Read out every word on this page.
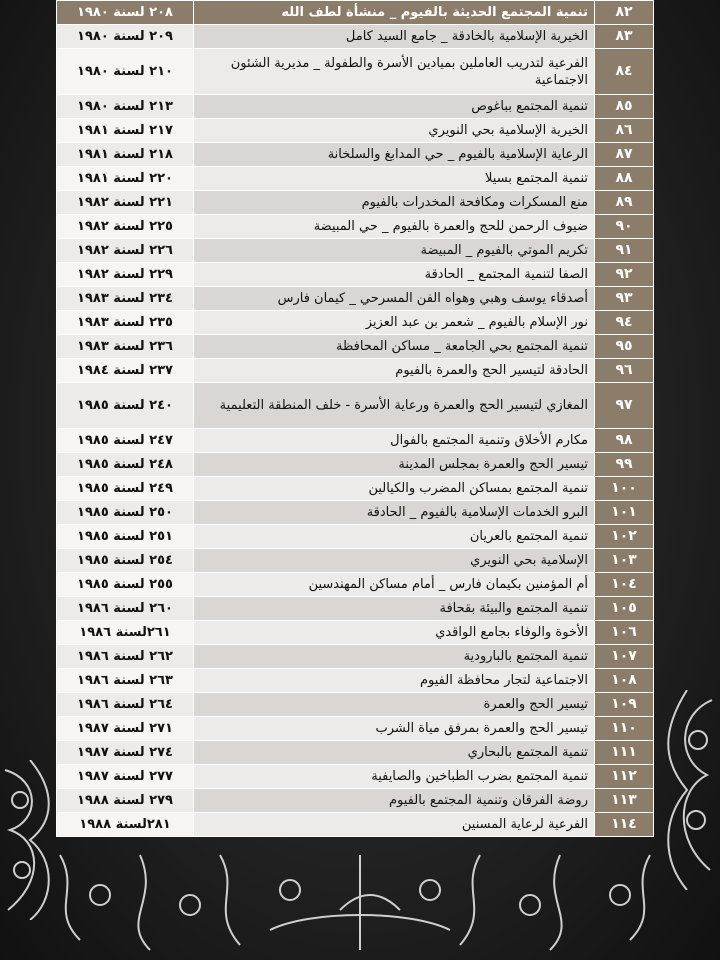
٨٢	تنمية المجتمع الحديثة بالفيوم _ منشأة لطف الله	٢٠٨ لسنة ١٩٨٠
٨٣	الخيرية الإسلامية بالخادقة _ جامع السيد كامل	٢٠٩ لسنة ١٩٨٠
٨٤	الفرعية لتدريب العاملين بميادين الأسرة والطفولة _ مديرية الشئون الاجتماعية	٢١٠ لسنة ١٩٨٠
٨٥	تنمية المجتمع بباغوص	٢١٣ لسنة ١٩٨٠
٨٦	الخيرية الإسلامية بحي النويري	٢١٧ لسنة ١٩٨١
٨٧	الرعاية الإسلامية بالفيوم _ حي المدابغ والسلخانة	٢١٨ لسنة ١٩٨١
٨٨	تنمية المجتمع بسيلا	٢٢٠ لسنة ١٩٨١
٨٩	منع المسكرات ومكافحة المخدرات بالفيوم	٢٢١ لسنة ١٩٨٢
٩٠	ضيوف الرحمن للحج والعمرة بالفيوم _ حي المبيضة	٢٢٥ لسنة ١٩٨٢
٩١	تكريم الموتي بالفيوم _ المبيضة	٢٢٦ لسنة ١٩٨٢
٩٢	الصفا لتنمية المجتمع _ الحادقة	٢٢٩ لسنة ١٩٨٢
٩٣	أصدقاء يوسف وهبي وهواه الفن المسرحي _ كيمان فارس	٢٣٤ لسنة ١٩٨٣
٩٤	نور الإسلام بالفيوم _ شعمر بن عبد العزيز	٢٣٥ لسنة ١٩٨٣
٩٥	تنمية المجتمع بحي الجامعة _ مساكن المحافظة	٢٣٦ لسنة ١٩٨٣
٩٦	الحادقة لتيسير الحج والعمرة بالفيوم	٢٣٧ لسنة ١٩٨٤
٩٧	المغازي لتيسير الحج والعمرة ورعاية الأسرة - خلف المنطقة التعليمية	٢٤٠ لسنة ١٩٨٥
٩٨	مكارم الأخلاق وتنمية المجتمع بالفوال	٢٤٧ لسنة ١٩٨٥
٩٩	تيسير الحج والعمرة بمجلس المدينة	٢٤٨ لسنة ١٩٨٥
١٠٠	تنمية المجتمع بمساكن المضرب والكيالين	٢٤٩ لسنة ١٩٨٥
١٠١	البرو الخدمات الإسلامية بالفيوم _ الحادقة	٢٥٠ لسنة ١٩٨٥
١٠٢	تنمية المجتمع بالعريان	٢٥١ لسنة ١٩٨٥
١٠٣	الإسلامية بحي النويري	٢٥٤ لسنة ١٩٨٥
١٠٤	أم المؤمنين بكيمان فارس _ أمام مساكن المهندسين	٢٥٥ لسنة ١٩٨٥
١٠٥	تنمية المجتمع والبيئة بقحافة	٢٦٠ لسنة ١٩٨٦
١٠٦	الأخوة والوفاء بجامع الواقدي	٢٦١لسنة ١٩٨٦
١٠٧	تنمية المجتمع بالبارودية	٢٦٢ لسنة ١٩٨٦
١٠٨	الاجتماعية لتجار محافظة الفيوم	٢٦٣ لسنة ١٩٨٦
١٠٩	تيسير الحج والعمرة	٢٦٤ لسنة ١٩٨٦
١١٠	تيسير الحج والعمرة بمرفق مياة الشرب	٢٧١ لسنة ١٩٨٧
١١١	تنمية المجتمع بالبحاري	٢٧٤ لسنة ١٩٨٧
١١٢	تنمية المجتمع بضرب الطباخين والصايفية	٢٧٧ لسنة ١٩٨٧
١١٣	روضة الفرقان وتنمية المجتمع بالفيوم	٢٧٩ لسنة ١٩٨٨
١١٤	الفرعية لرعاية المسنين	٢٨١لسنة ١٩٨٨
